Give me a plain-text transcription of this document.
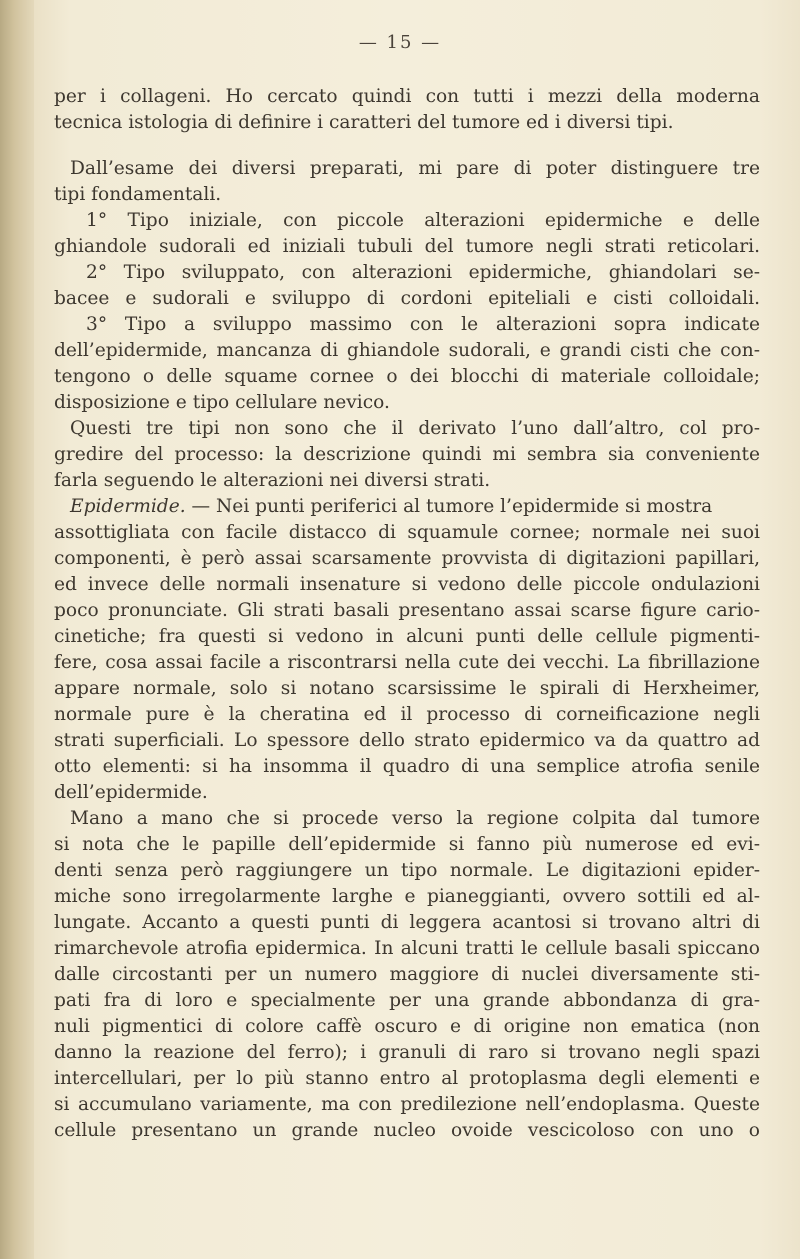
— 15 —
per i collageni. Ho cercato quindi con tutti i mezzi della moderna
tecnica istologia di definire i caratteri del tumore ed i diversi tipi.
Dall’esame dei diversi preparati, mi pare di poter distinguere tre
tipi fondamentali.
1° Tipo iniziale, con piccole alterazioni epidermiche e delle
ghiandole sudorali ed iniziali tubuli del tumore negli strati reticolari.
2° Tipo sviluppato, con alterazioni epidermiche, ghiandolari se-
bacee e sudorali e sviluppo di cordoni epiteliali e cisti colloidali.
3° Tipo a sviluppo massimo con le alterazioni sopra indicate
dell’epidermide, mancanza di ghiandole sudorali, e grandi cisti che con-
tengono o delle squame cornee o dei blocchi di materiale colloidale;
disposizione e tipo cellulare nevico.
Questi tre tipi non sono che il derivato l’uno dall’altro, col pro-
gredire del processo: la descrizione quindi mi sembra sia conveniente
farla seguendo le alterazioni nei diversi strati.
Epidermide. — Nei punti periferici al tumore l’epidermide si mostra
assottigliata con facile distacco di squamule cornee; normale nei suoi
componenti, è però assai scarsamente provvista di digitazioni papillari,
ed invece delle normali insenature si vedono delle piccole ondulazioni
poco pronunciate. Gli strati basali presentano assai scarse figure cario-
cinetiche; fra questi si vedono in alcuni punti delle cellule pigmenti-
fere, cosa assai facile a riscontrarsi nella cute dei vecchi. La fibrillazione
appare normale, solo si notano scarsissime le spirali di Herxheimer,
normale pure è la cheratina ed il processo di corneificazione negli
strati superficiali. Lo spessore dello strato epidermico va da quattro ad
otto elementi: si ha insomma il quadro di una semplice atrofia senile
dell’epidermide.
Mano a mano che si procede verso la regione colpita dal tumore
si nota che le papille dell’epidermide si fanno più numerose ed evi-
denti senza però raggiungere un tipo normale. Le digitazioni epider-
miche sono irregolarmente larghe e pianeggianti, ovvero sottili ed al-
lungate. Accanto a questi punti di leggera acantosi si trovano altri di
rimarchevole atrofia epidermica. In alcuni tratti le cellule basali spiccano
dalle circostanti per un numero maggiore di nuclei diversamente sti-
pati fra di loro e specialmente per una grande abbondanza di gra-
nuli pigmentici di colore caffè oscuro e di origine non ematica (non
danno la reazione del ferro); i granuli di raro si trovano negli spazi
intercellulari, per lo più stanno entro al protoplasma degli elementi e
si accumulano variamente, ma con predilezione nell’endoplasma. Queste
cellule presentano un grande nucleo ovoide vescicoloso con uno o
